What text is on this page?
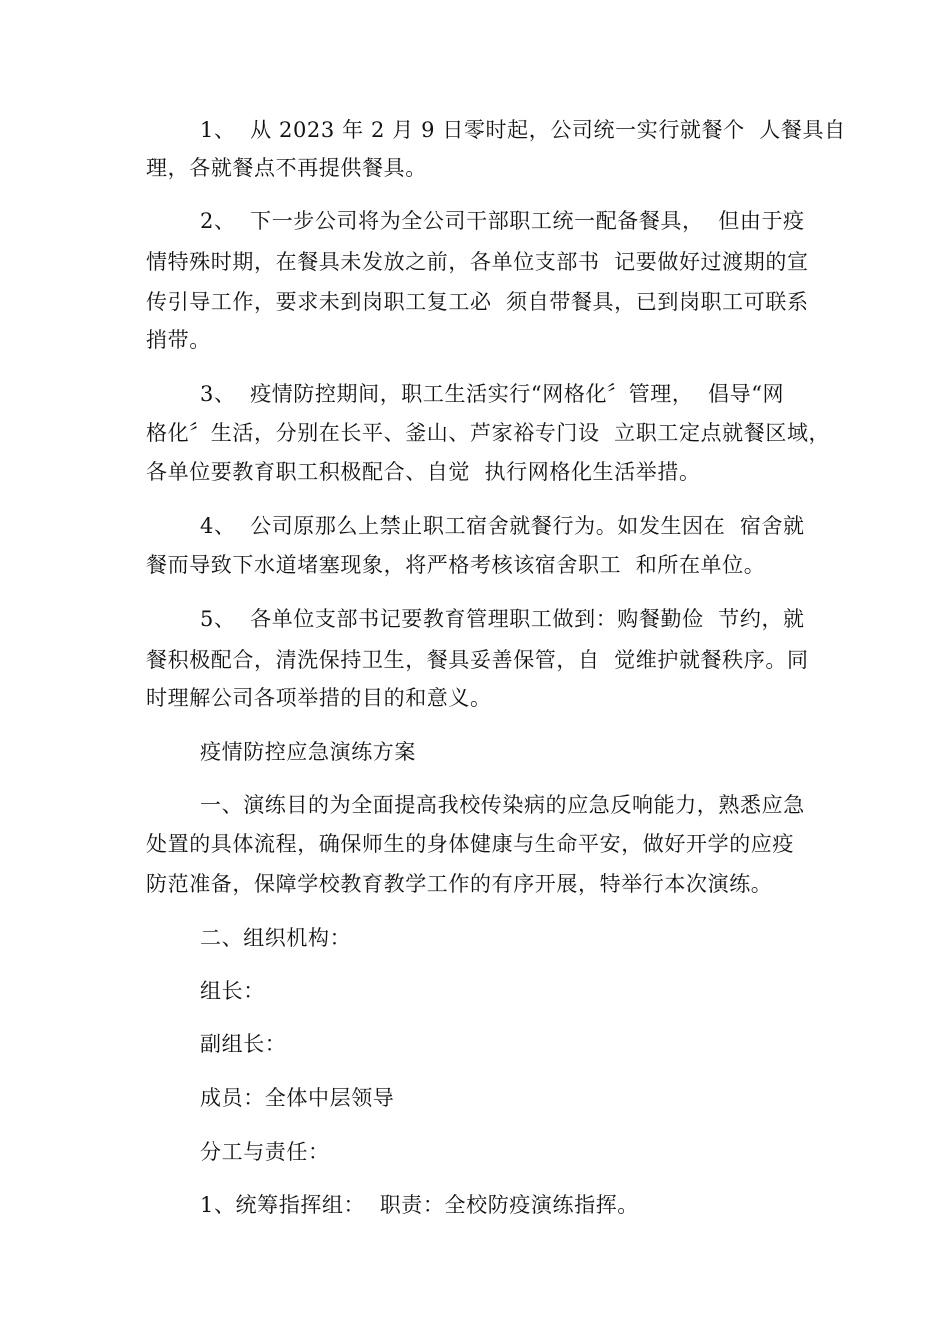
1、  从 2023 年 2 月 9 日零时起，公司统一实行就餐个  人餐具自
理，各就餐点不再提供餐具。
2、  下一步公司将为全公司干部职工统一配备餐具，  但由于疫
情特殊时期，在餐具未发放之前，各单位支部书  记要做好过渡期的宣
传引导工作，要求未到岗职工复工必  须自带餐具，已到岗职工可联系
捎带。
3、  疫情防控期间，职工生活实行“网格化〞管理，  倡导“网
格化〞生活，分别在长平、釜山、芦家裕专门设  立职工定点就餐区域，
各单位要教育职工积极配合、自觉  执行网格化生活举措。
4、  公司原那么上禁止职工宿舍就餐行为。如发生因在  宿舍就
餐而导致下水道堵塞现象，将严格考核该宿舍职工  和所在单位。
5、  各单位支部书记要教育管理职工做到：购餐勤俭  节约，就
餐积极配合，清洗保持卫生，餐具妥善保管，自  觉维护就餐秩序。同
时理解公司各项举措的目的和意义。
疫情防控应急演练方案
一、演练目的为全面提高我校传染病的应急反响能力，熟悉应急
处置的具体流程，确保师生的身体健康与生命平安，做好开学的应疫
防范准备，保障学校教育教学工作的有序开展，特举行本次演练。
二、组织机构：
组长：
副组长：
成员：全体中层领导
分工与责任：
1、统筹指挥组：  职责：全校防疫演练指挥。
